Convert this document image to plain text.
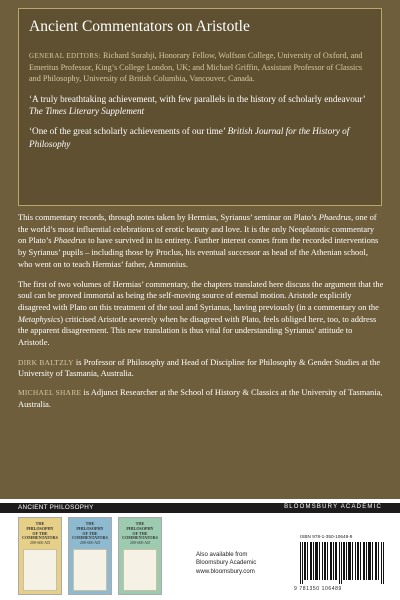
Ancient Commentators on Aristotle

GENERAL EDITORS: Richard Sorabji, Honorary Fellow, Wolfson College, University of Oxford, and Emeritus Professor, King’s College London, UK; and Michael Griffin, Assistant Professor of Classics and Philosophy, University of British Columbia, Vancouver, Canada.

‘A truly breathtaking achievement, with few parallels in the history of scholarly endeavour’ The Times Literary Supplement

‘One of the great scholarly achievements of our time’ British Journal for the History of Philosophy

This commentary records, through notes taken by Hermias, Syrianus’ seminar on Plato’s Phaedrus, one of the world’s most influential celebrations of erotic beauty and love. It is the only Neoplatonic commentary on Plato’s Phaedrus to have survived in its entirety. Further interest comes from the recorded interventions by Syrianus’ pupils – including those by Proclus, his eventual successor as head of the Athenian school, who went on to teach Hermias’ father, Ammonius.

The first of two volumes of Hermias’ commentary, the chapters translated here discuss the argument that the soul can be proved immortal as being the self-moving source of eternal motion. Aristotle explicitly disagreed with Plato on this treatment of the soul and Syrianus, having previously (in a commentary on the Metaphysics) criticised Aristotle severely when he disagreed with Plato, feels obliged here, too, to address the apparent disagreement. This new translation is thus vital for understanding Syrianus’ attitude to Aristotle.

DIRK BALTZLY is Professor of Philosophy and Head of Discipline for Philosophy & Gender Studies at the University of Tasmania, Australia.

MICHAEL SHARE is Adjunct Researcher at the School of History & Classics at the University of Tasmania, Australia.

ANCIENT PHILOSOPHY	BLOOMSBURY ACADEMIC
THE
PHILOSOPHY
OF THE
COMMENTATORS
200-600 AD
THE
PHILOSOPHY
OF THE
COMMENTATORS
200-600 AD
THE
PHILOSOPHY
OF THE
COMMENTATORS
200-600 AD
Also available from
Bloomsbury Academic
www.bloomsbury.com
ISBN 978-1-350-10648-9
9 781350 106489
